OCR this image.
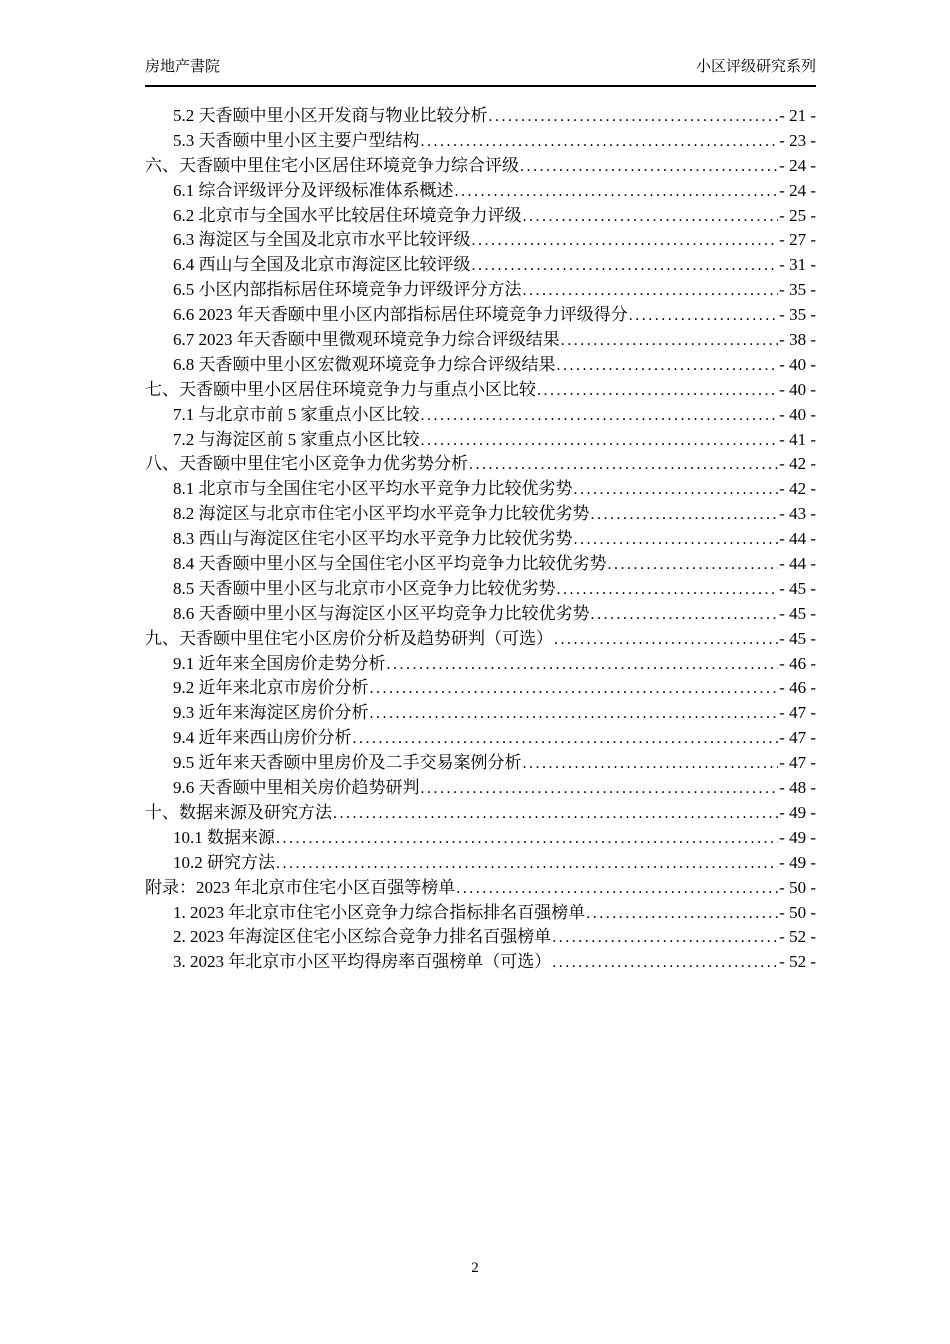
房地产書院	小区评级研究系列
5.2 天香颐中里小区开发商与物业比较分析 .....	- 21 -
5.3 天香颐中里小区主要户型结构 .....	- 23 -
六、天香颐中里住宅小区居住环境竞争力综合评级 .....	- 24 -
6.1 综合评级评分及评级标准体系概述 .....	- 24 -
6.2 北京市与全国水平比较居住环境竞争力评级 .....	- 25 -
6.3 海淀区与全国及北京市水平比较评级 .....	- 27 -
6.4 西山与全国及北京市海淀区比较评级 .....	- 31 -
6.5 小区内部指标居住环境竞争力评级评分方法 .....	- 35 -
6.6 2023 年天香颐中里小区内部指标居住环境竞争力评级得分 .....	- 35 -
6.7 2023 年天香颐中里微观环境竞争力综合评级结果 .....	- 38 -
6.8 天香颐中里小区宏微观环境竞争力综合评级结果 .....	- 40 -
七、天香颐中里小区居住环境竞争力与重点小区比较 .....	- 40 -
7.1 与北京市前 5 家重点小区比较 .....	- 40 -
7.2 与海淀区前 5 家重点小区比较 .....	- 41 -
八、天香颐中里住宅小区竞争力优劣势分析 .....	- 42 -
8.1 北京市与全国住宅小区平均水平竞争力比较优劣势 .....	- 42 -
8.2 海淀区与北京市住宅小区平均水平竞争力比较优劣势 .....	- 43 -
8.3 西山与海淀区住宅小区平均水平竞争力比较优劣势 .....	- 44 -
8.4 天香颐中里小区与全国住宅小区平均竞争力比较优劣势 .....	- 44 -
8.5 天香颐中里小区与北京市小区竞争力比较优劣势 .....	- 45 -
8.6 天香颐中里小区与海淀区小区平均竞争力比较优劣势 .....	- 45 -
九、天香颐中里住宅小区房价分析及趋势研判（可选） .....	- 45 -
9.1 近年来全国房价走势分析 .....	- 46 -
9.2 近年来北京市房价分析 .....	- 46 -
9.3 近年来海淀区房价分析 .....	- 47 -
9.4 近年来西山房价分析 .....	- 47 -
9.5 近年来天香颐中里房价及二手交易案例分析 .....	- 47 -
9.6 天香颐中里相关房价趋势研判 .....	- 48 -
十、数据来源及研究方法 .....	- 49 -
10.1 数据来源 .....	- 49 -
10.2 研究方法 .....	- 49 -
附录：2023 年北京市住宅小区百强等榜单 .....	- 50 -
1. 2023 年北京市住宅小区竞争力综合指标排名百强榜单 .....	- 50 -
2. 2023 年海淀区住宅小区综合竞争力排名百强榜单 .....	- 52 -
3. 2023 年北京市小区平均得房率百强榜单（可选） .....	- 52 -
2
